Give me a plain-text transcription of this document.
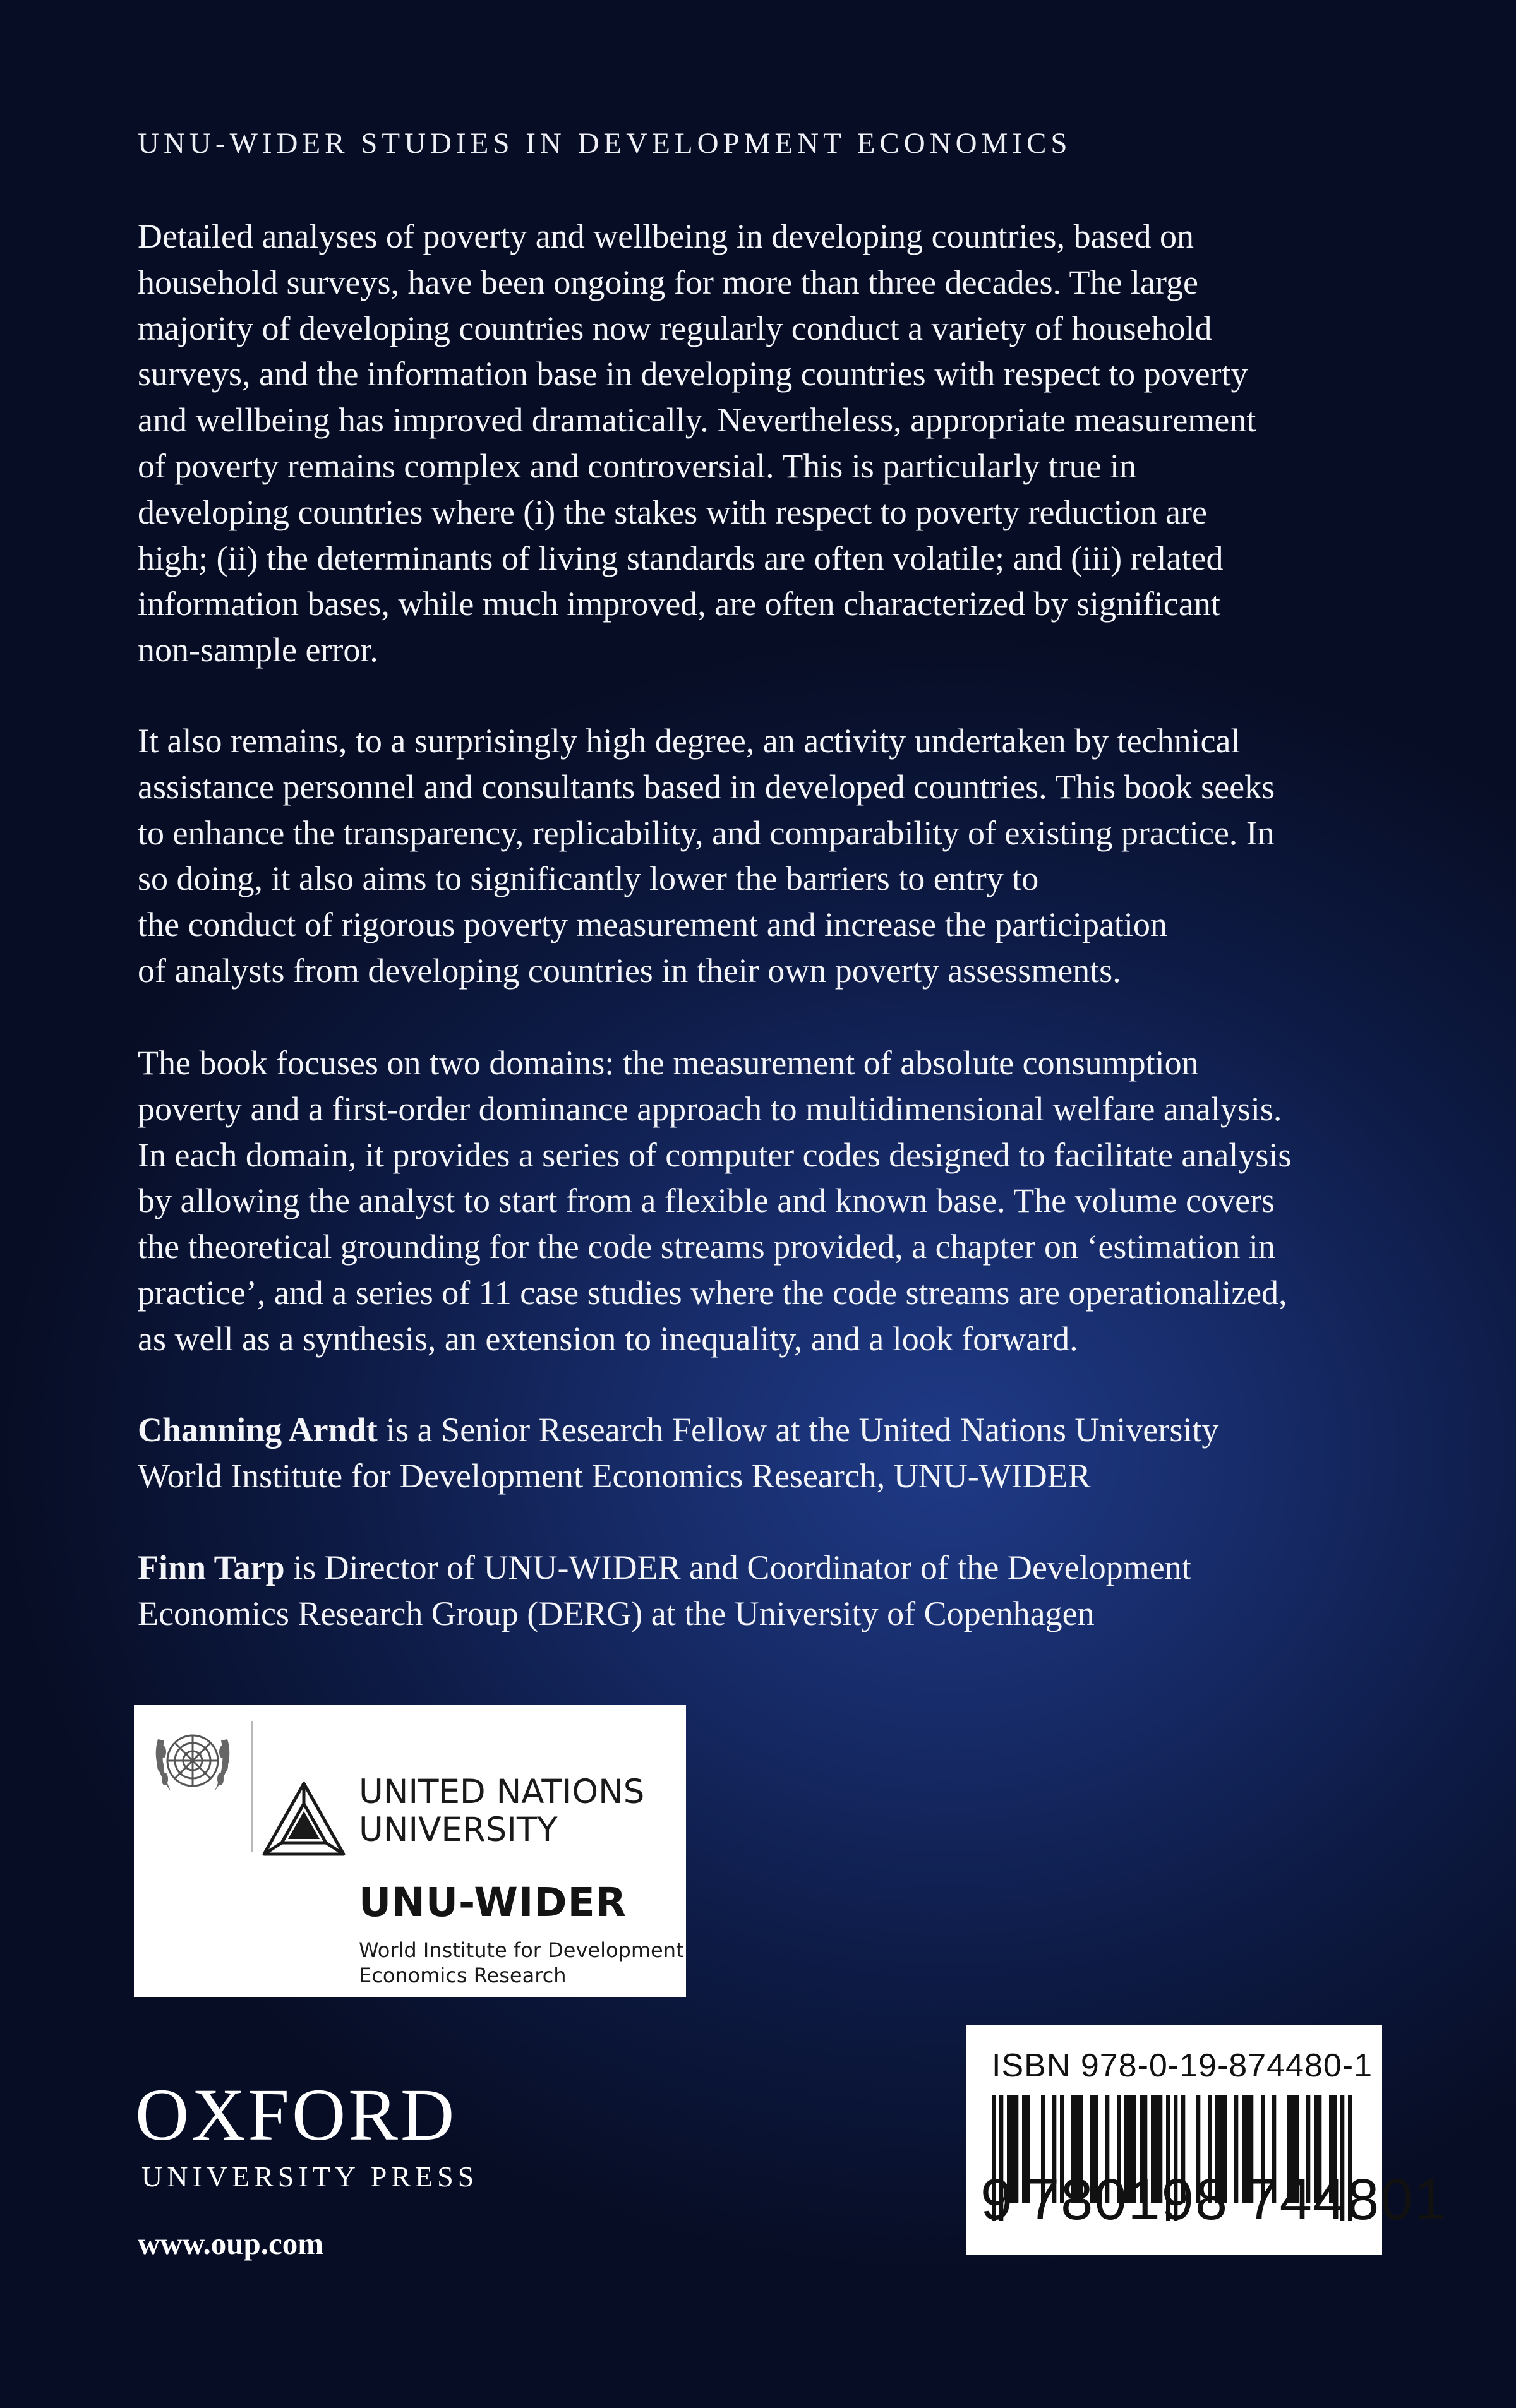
UNU-WIDER STUDIES IN DEVELOPMENT ECONOMICS

Detailed analyses of poverty and wellbeing in developing countries, based on
household surveys, have been ongoing for more than three decades. The large
majority of developing countries now regularly conduct a variety of household
surveys, and the information base in developing countries with respect to poverty
and wellbeing has improved dramatically. Nevertheless, appropriate measurement
of poverty remains complex and controversial. This is particularly true in
developing countries where (i) the stakes with respect to poverty reduction are
high; (ii) the determinants of living standards are often volatile; and (iii) related
information bases, while much improved, are often characterized by significant
non-sample error.

It also remains, to a surprisingly high degree, an activity undertaken by technical
assistance personnel and consultants based in developed countries. This book seeks
to enhance the transparency, replicability, and comparability of existing practice. In
so doing, it also aims to significantly lower the barriers to entry to
the conduct of rigorous poverty measurement and increase the participation
of analysts from developing countries in their own poverty assessments.

The book focuses on two domains: the measurement of absolute consumption
poverty and a first-order dominance approach to multidimensional welfare analysis.
In each domain, it provides a series of computer codes designed to facilitate analysis
by allowing the analyst to start from a flexible and known base. The volume covers
the theoretical grounding for the code streams provided, a chapter on ‘estimation in
practice’, and a series of 11 case studies where the code streams are operationalized,
as well as a synthesis, an extension to inequality, and a look forward.

Channing Arndt is a Senior Research Fellow at the United Nations University
World Institute for Development Economics Research, UNU-WIDER

Finn Tarp is Director of UNU-WIDER and Coordinator of the Development
Economics Research Group (DERG) at the University of Copenhagen

UNITED NATIONS
UNIVERSITY
UNU-WIDER
World Institute for Development
Economics Research
OXFORD
UNIVERSITY PRESS
www.oup.com
ISBN 978-0-19-874480-1
9 780198 744801
